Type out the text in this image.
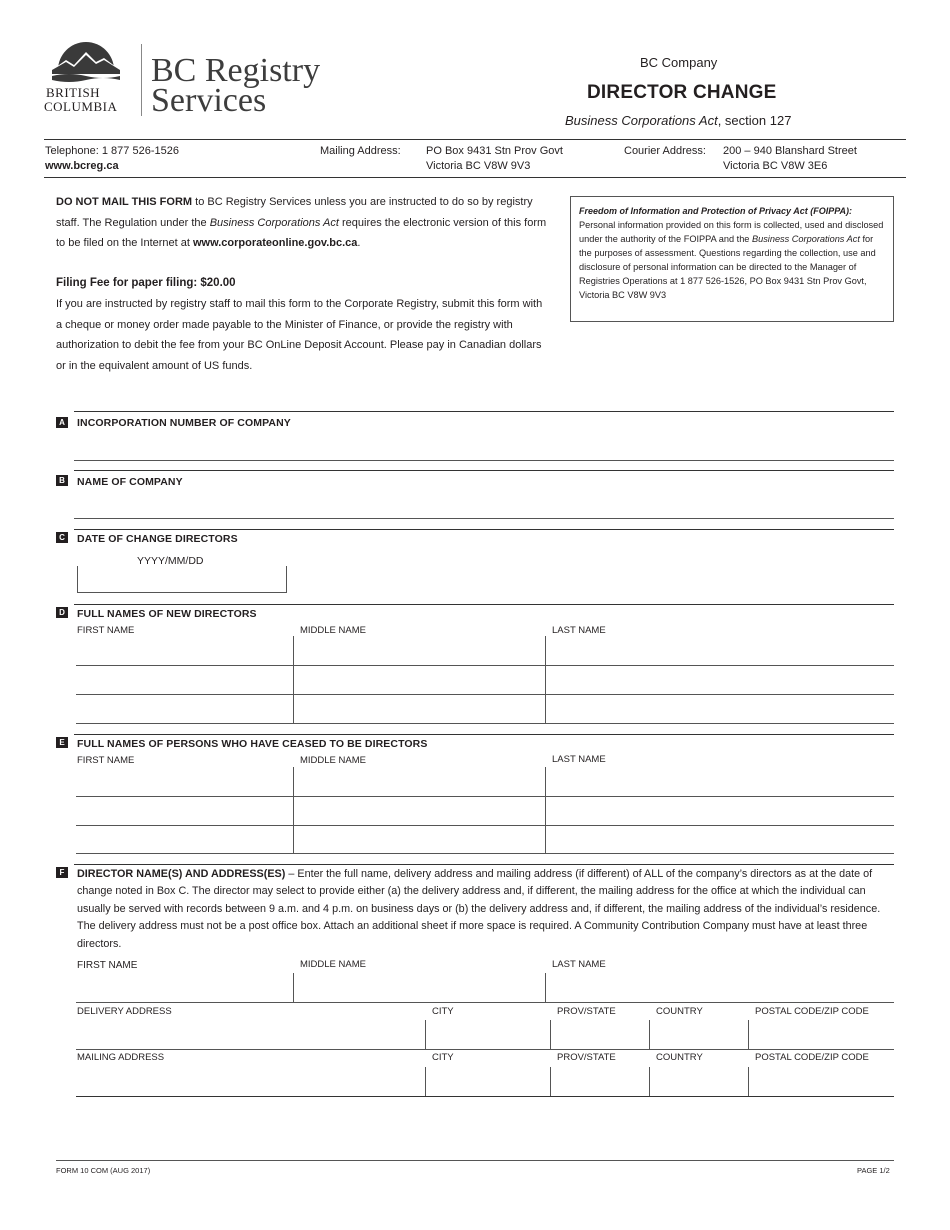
BRITISH
COLUMBIA
BC Registry
Services
BC Company
DIRECTOR CHANGE
Business Corporations Act, section 127
Telephone: 1 877 526-1526
www.bcreg.ca
Mailing Address: PO Box 9431 Stn Prov Govt
Victoria BC V8W 9V3
Courier Address: 200 – 940 Blanshard Street
Victoria BC V8W 3E6
DO NOT MAIL THIS FORM to BC Registry Services unless you are instructed to do so by registry staff. The Regulation under the Business Corporations Act requires the electronic version of this form to be filed on the Internet at www.corporateonline.gov.bc.ca.
Filing Fee for paper filing: $20.00
If you are instructed by registry staff to mail this form to the Corporate Registry, submit this form with a cheque or money order made payable to the Minister of Finance, or provide the registry with authorization to debit the fee from your BC OnLine Deposit Account. Please pay in Canadian dollars or in the equivalent amount of US funds.
Freedom of Information and Protection of Privacy Act (FOIPPA):
Personal information provided on this form is collected, used and disclosed under the authority of the FOIPPA and the Business Corporations Act for the purposes of assessment. Questions regarding the collection, use and disclosure of personal information can be directed to the Manager of Registries Operations at 1 877 526-1526, PO Box 9431 Stn Prov Govt, Victoria BC V8W 9V3
A INCORPORATION NUMBER OF COMPANY
B NAME OF COMPANY
C DATE OF CHANGE DIRECTORS
YYYY/MM/DD
D FULL NAMES OF NEW DIRECTORS
FIRST NAME	MIDDLE NAME	LAST NAME
E	FULL NAMES OF PERSONS WHO HAVE CEASED TO BE DIRECTORS
FIRST NAME	MIDDLE NAME	LAST NAME
F	DIRECTOR NAME(S) AND ADDRESS(ES) – Enter the full name, delivery address and mailing address (if different) of ALL of the company’s directors as at the date of change noted in Box C. The director may select to provide either (a) the delivery address and, if different, the mailing address for the office at which the individual can usually be served with records between 9 a.m. and 4 p.m. on business days or (b) the delivery address and, if different, the mailing address of the individual’s residence. The delivery address must not be a post office box. Attach an additional sheet if more space is required. A Community Contribution Company must have at least three directors.
FIRST NAME	MIDDLE NAME	LAST NAME
DELIVERY ADDRESS	CITY	PROV/STATE	COUNTRY	POSTAL CODE/ZIP CODE
MAILING ADDRESS	CITY	PROV/STATE	COUNTRY	POSTAL CODE/ZIP CODE
FORM 10 COM (AUG 2017)	PAGE 1/2
